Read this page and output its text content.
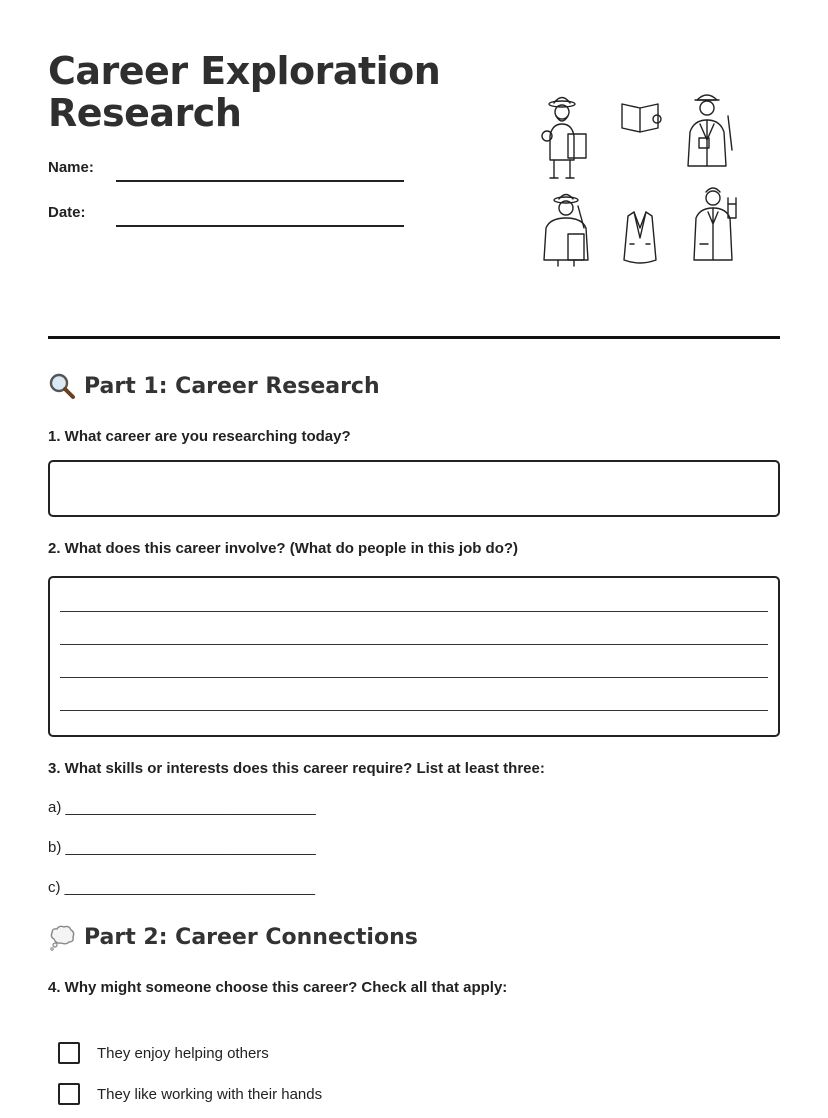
Career Exploration
Research
Name:
Date:
Part 1: Career Research
1. What career are you researching today?
2. What does this career involve? (What do people in this job do?)
3. What skills or interests does this career require? List at least three:
a) ______________________________
b) ______________________________
c) ______________________________
Part 2: Career Connections
4. Why might someone choose this career? Check all that apply:
They enjoy helping others
They like working with their hands
